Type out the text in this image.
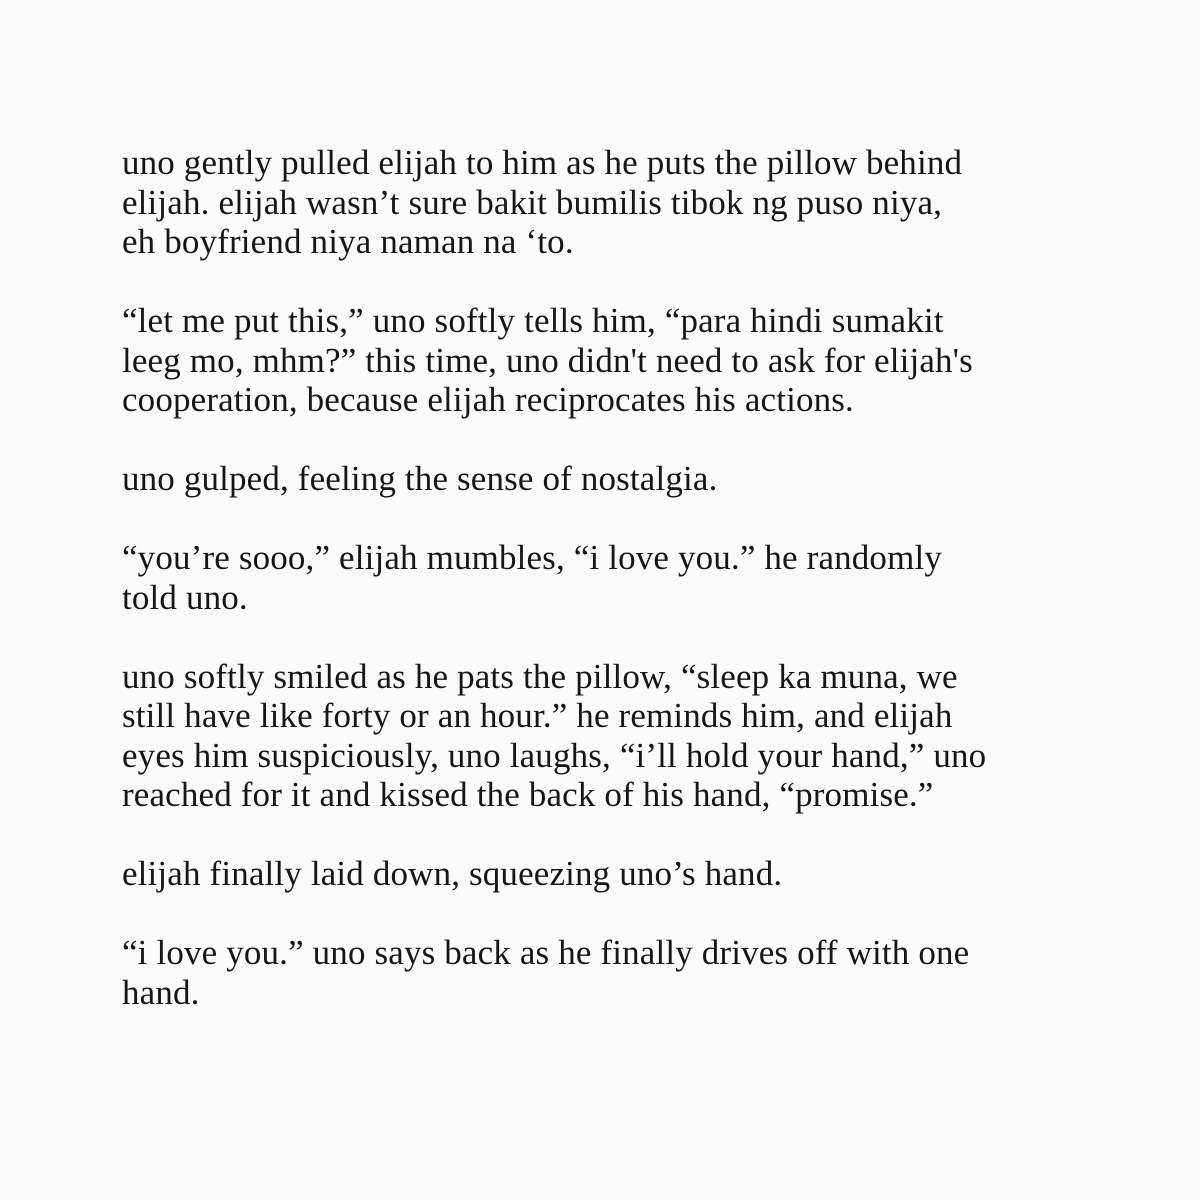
uno gently pulled elijah to him as he puts the pillow behind
elijah. elijah wasn’t sure bakit bumilis tibok ng puso niya,
eh boyfriend niya naman na ‘to.

“let me put this,” uno softly tells him, “para hindi sumakit
leeg mo, mhm?” this time, uno didn't need to ask for elijah's
cooperation, because elijah reciprocates his actions.

uno gulped, feeling the sense of nostalgia.

“you’re sooo,” elijah mumbles, “i love you.” he randomly
told uno.

uno softly smiled as he pats the pillow, “sleep ka muna, we
still have like forty or an hour.” he reminds him, and elijah
eyes him suspiciously, uno laughs, “i’ll hold your hand,” uno
reached for it and kissed the back of his hand, “promise.”

elijah finally laid down, squeezing uno’s hand.

“i love you.” uno says back as he finally drives off with one
hand.
